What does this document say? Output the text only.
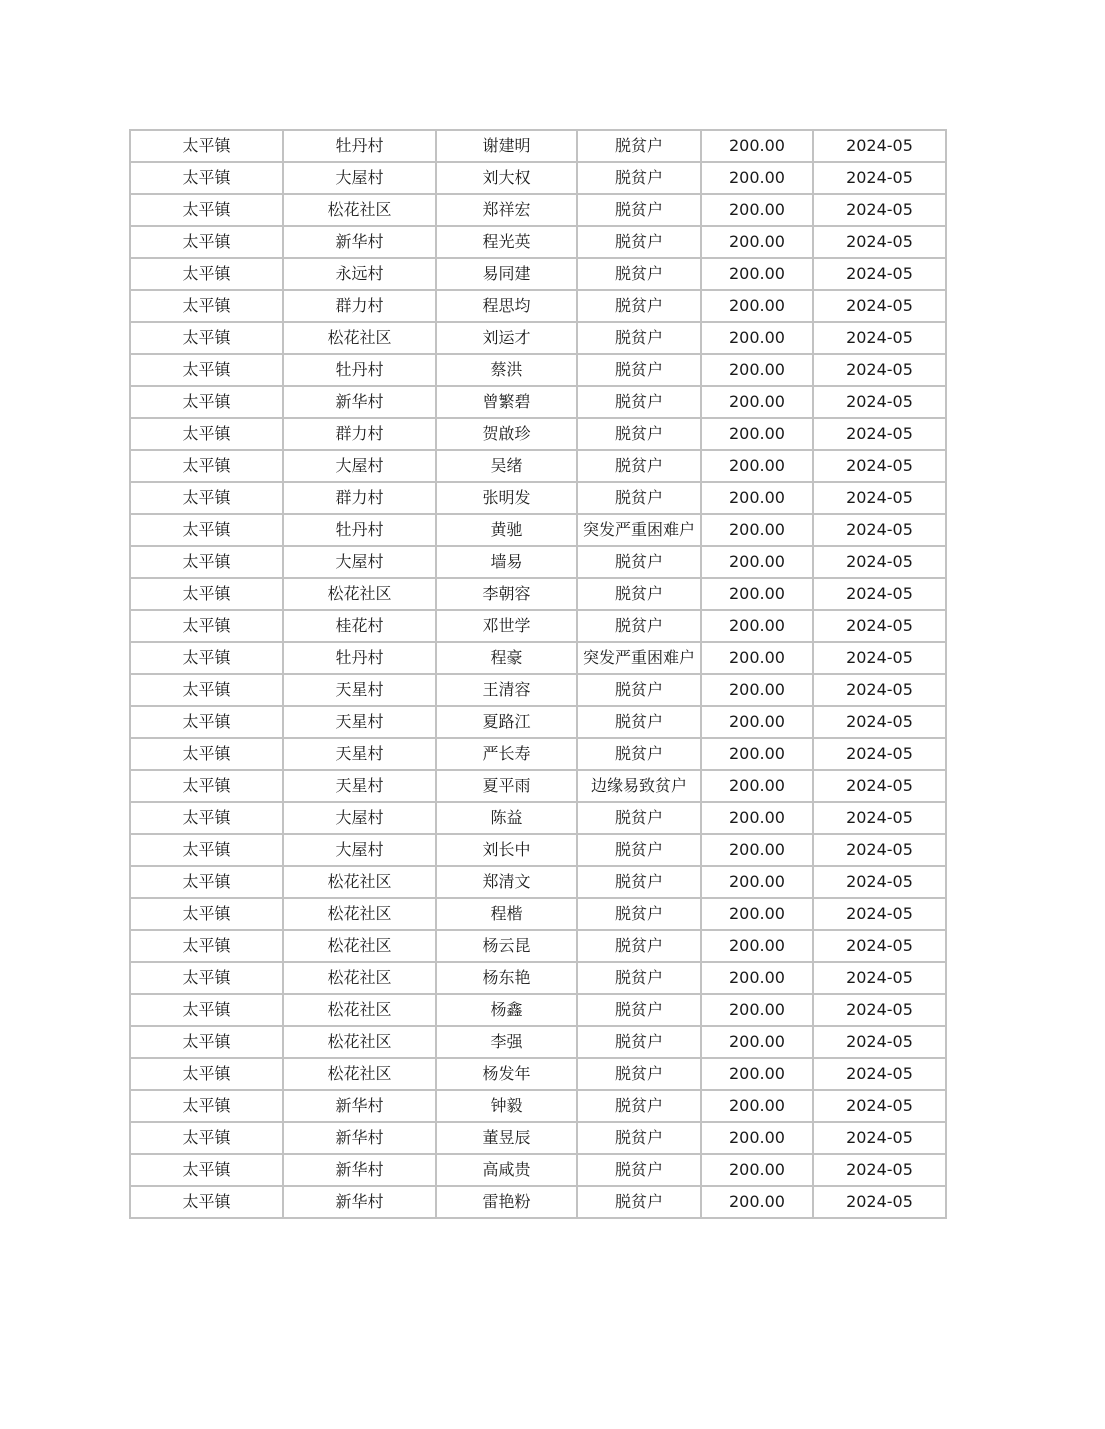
太平镇	牡丹村	谢建明	脱贫户	200.00	2024-05
太平镇	大屋村	刘大权	脱贫户	200.00	2024-05
太平镇	松花社区	郑祥宏	脱贫户	200.00	2024-05
太平镇	新华村	程光英	脱贫户	200.00	2024-05
太平镇	永远村	易同建	脱贫户	200.00	2024-05
太平镇	群力村	程思均	脱贫户	200.00	2024-05
太平镇	松花社区	刘运才	脱贫户	200.00	2024-05
太平镇	牡丹村	蔡洪	脱贫户	200.00	2024-05
太平镇	新华村	曾繁碧	脱贫户	200.00	2024-05
太平镇	群力村	贺啟珍	脱贫户	200.00	2024-05
太平镇	大屋村	吴绪	脱贫户	200.00	2024-05
太平镇	群力村	张明发	脱贫户	200.00	2024-05
太平镇	牡丹村	黄驰	突发严重困难户	200.00	2024-05
太平镇	大屋村	墙易	脱贫户	200.00	2024-05
太平镇	松花社区	李朝容	脱贫户	200.00	2024-05
太平镇	桂花村	邓世学	脱贫户	200.00	2024-05
太平镇	牡丹村	程豪	突发严重困难户	200.00	2024-05
太平镇	天星村	王清容	脱贫户	200.00	2024-05
太平镇	天星村	夏路江	脱贫户	200.00	2024-05
太平镇	天星村	严长寿	脱贫户	200.00	2024-05
太平镇	天星村	夏平雨	边缘易致贫户	200.00	2024-05
太平镇	大屋村	陈益	脱贫户	200.00	2024-05
太平镇	大屋村	刘长中	脱贫户	200.00	2024-05
太平镇	松花社区	郑清文	脱贫户	200.00	2024-05
太平镇	松花社区	程楷	脱贫户	200.00	2024-05
太平镇	松花社区	杨云昆	脱贫户	200.00	2024-05
太平镇	松花社区	杨东艳	脱贫户	200.00	2024-05
太平镇	松花社区	杨鑫	脱贫户	200.00	2024-05
太平镇	松花社区	李强	脱贫户	200.00	2024-05
太平镇	松花社区	杨发年	脱贫户	200.00	2024-05
太平镇	新华村	钟毅	脱贫户	200.00	2024-05
太平镇	新华村	董昱辰	脱贫户	200.00	2024-05
太平镇	新华村	高咸贵	脱贫户	200.00	2024-05
太平镇	新华村	雷艳粉	脱贫户	200.00	2024-05
